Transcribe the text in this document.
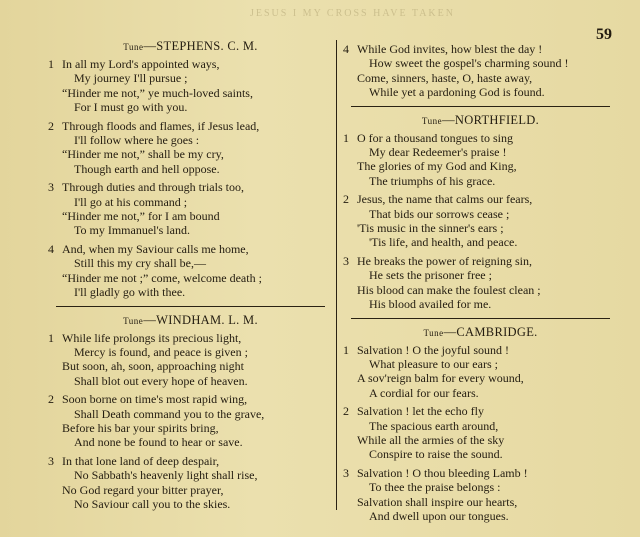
JESUS I MY CROSS HAVE TAKEN
59
Tune—STEPHENS. C. M.
1 In all my Lord's appointed ways,
My journey I'll pursue ;
“Hinder me not,” ye much-loved saints,
For I must go with you.
2 Through floods and flames, if Jesus lead,
I'll follow where he goes :
“Hinder me not,” shall be my cry,
Though earth and hell oppose.
3 Through duties and through trials too,
I'll go at his command ;
“Hinder me not,” for I am bound
To my Immanuel's land.
4 And, when my Saviour calls me home,
Still this my cry shall be,—
“Hinder me not ;” come, welcome death ;
I'll gladly go with thee.
Tune—WINDHAM. L. M.
1 While life prolongs its precious light,
Mercy is found, and peace is given ;
But soon, ah, soon, approaching night
Shall blot out every hope of heaven.
2 Soon borne on time's most rapid wing,
Shall Death command you to the grave,
Before his bar your spirits bring,
And none be found to hear or save.
3 In that lone land of deep despair,
No Sabbath's heavenly light shall rise,
No God regard your bitter prayer,
No Saviour call you to the skies.
4 While God invites, how blest the day !
How sweet the gospel's charming sound !
Come, sinners, haste, O, haste away,
While yet a pardoning God is found.
Tune—NORTHFIELD.
1 O for a thousand tongues to sing
My dear Redeemer's praise !
The glories of my God and King,
The triumphs of his grace.
2 Jesus, the name that calms our fears,
That bids our sorrows cease ;
'Tis music in the sinner's ears ;
'Tis life, and health, and peace.
3 He breaks the power of reigning sin,
He sets the prisoner free ;
His blood can make the foulest clean ;
His blood availed for me.
Tune—CAMBRIDGE.
1 Salvation ! O the joyful sound !
What pleasure to our ears ;
A sov'reign balm for every wound,
A cordial for our fears.
2 Salvation ! let the echo fly
The spacious earth around,
While all the armies of the sky
Conspire to raise the sound.
3 Salvation ! O thou bleeding Lamb !
To thee the praise belongs :
Salvation shall inspire our hearts,
And dwell upon our tongues.
